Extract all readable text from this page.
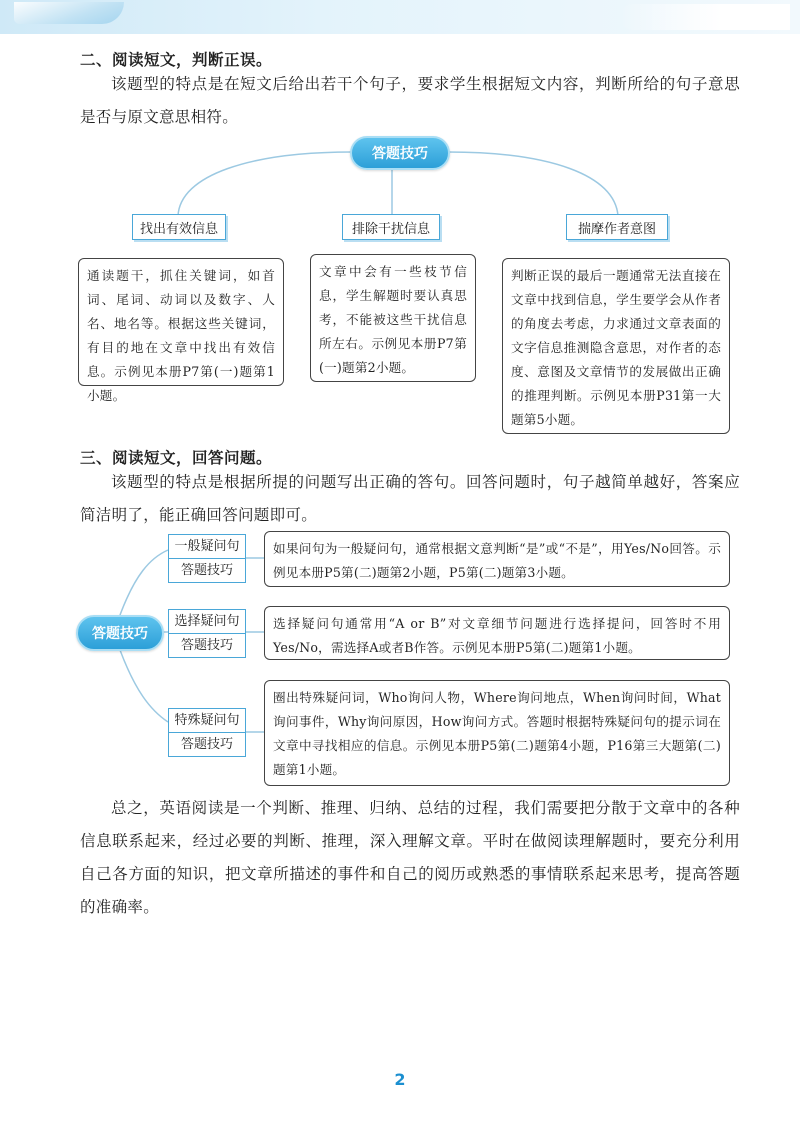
二、阅读短文，判断正误。
该题型的特点是在短文后给出若干个句子，要求学生根据短文内容，判断所给的句子意思是否与原文意思相符。
答题技巧
找出有效信息	排除干扰信息	揣摩作者意图
通读题干，抓住关键词，如首词、尾词、动词以及数字、人名、地名等。根据这些关键词，有目的地在文章中找出有效信息。示例见本册P7第(一)题第1小题。
文章中会有一些枝节信息，学生解题时要认真思考，不能被这些干扰信息所左右。示例见本册P7第(一)题第2小题。
判断正误的最后一题通常无法直接在文章中找到信息，学生要学会从作者的角度去考虑，力求通过文章表面的文字信息推测隐含意思，对作者的态度、意图及文章情节的发展做出正确的推理判断。示例见本册P31第一大题第5小题。
三、阅读短文，回答问题。
该题型的特点是根据所提的问题写出正确的答句。回答问题时，句子越简单越好，答案应简洁明了，能正确回答问题即可。
答题技巧
一般疑问句
答题技巧
选择疑问句
答题技巧
特殊疑问句
答题技巧
如果问句为一般疑问句，通常根据文意判断“是”或“不是”，用Yes/No回答。示例见本册P5第(二)题第2小题，P5第(二)题第3小题。
选择疑问句通常用“A or B”对文章细节问题进行选择提问，回答时不用Yes/No，需选择A或者B作答。示例见本册P5第(二)题第1小题。
圈出特殊疑问词，Who询问人物，Where询问地点，When询问时间，What询问事件，Why询问原因，How询问方式。答题时根据特殊疑问句的提示词在文章中寻找相应的信息。示例见本册P5第(二)题第4小题，P16第三大题第(二)题第1小题。
总之，英语阅读是一个判断、推理、归纳、总结的过程，我们需要把分散于文章中的各种信息联系起来，经过必要的判断、推理，深入理解文章。平时在做阅读理解题时，要充分利用自己各方面的知识，把文章所描述的事件和自己的阅历或熟悉的事情联系起来思考，提高答题的准确率。
2
